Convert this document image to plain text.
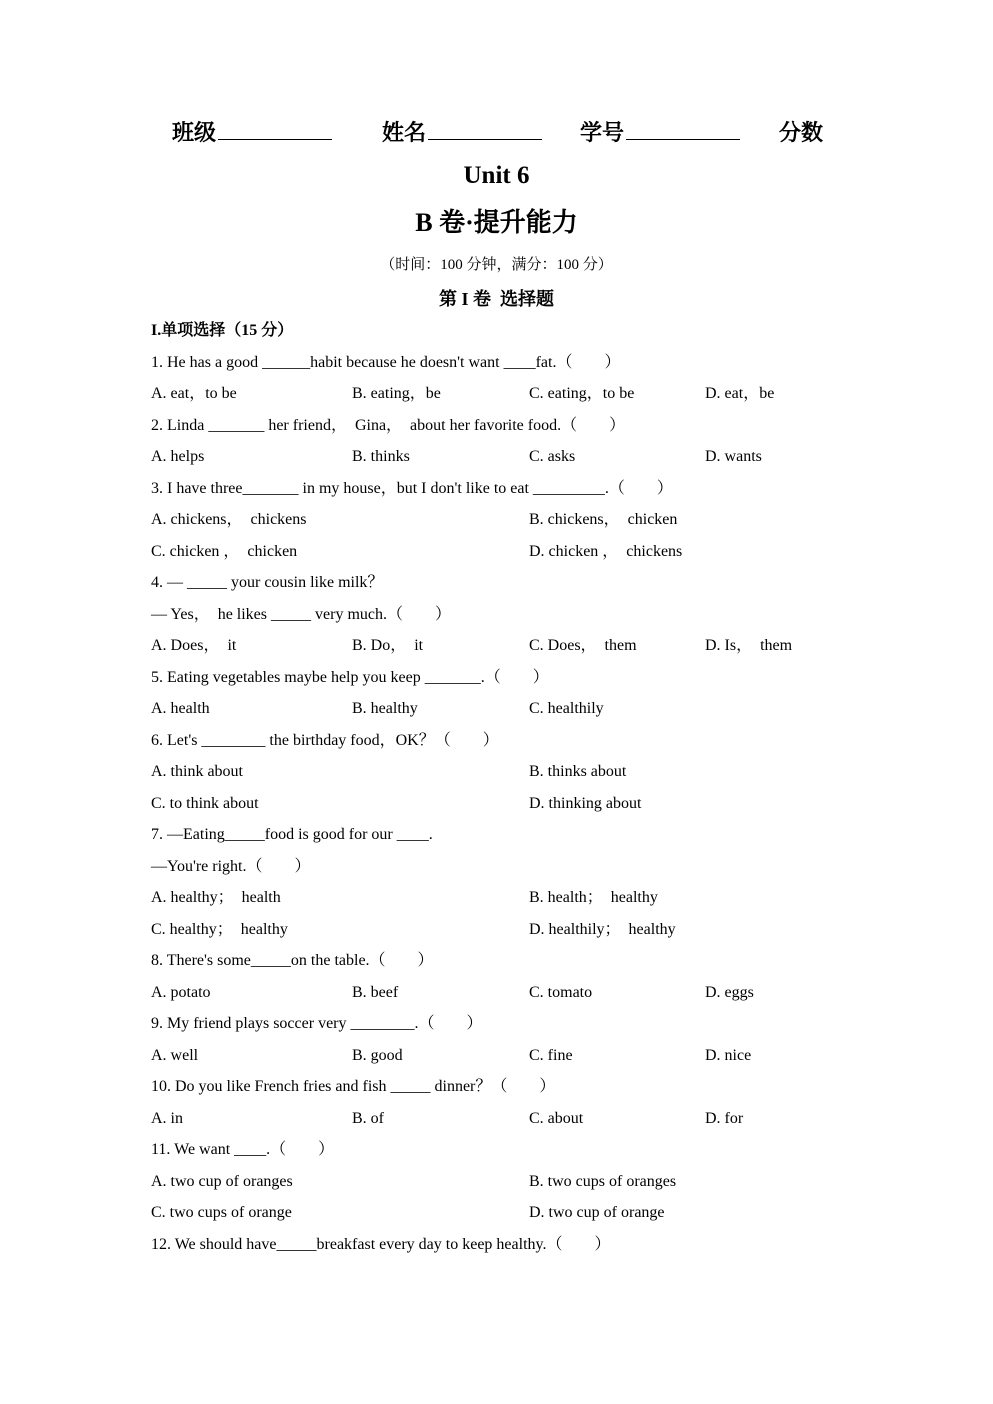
班级	姓名	学号	分数
Unit 6
B 卷·提升能力
（时间：100 分钟，满分：100 分）
第 I 卷  选择题
I.单项选择（15 分）
1. He has a good ______habit because he doesn't want ____fat.（　　）
A. eat，to be	B. eating，be	C. eating，to be	D. eat，be
2. Linda _______ her friend，  Gina，  about her favorite food.（　　）
A. helps	B. thinks	C. asks	D. wants
3. I have three_______ in my house，but I don't like to eat _________.（　　）
A. chickens，  chickens	B. chickens，  chicken
C. chicken ，  chicken	D. chicken ，  chickens
4. — _____ your cousin like milk？
— Yes，  he likes _____ very much.（　　）
A. Does，  it	B. Do，  it	C. Does，  them	D. Is，  them
5. Eating vegetables maybe help you keep _______.（　　）
A. health	B. healthy	C. healthily
6. Let's ________ the birthday food，OK？（　　）
A. think about	B. thinks about
C. to think about	D. thinking about
7. —Eating_____food is good for our ____.
—You're right.（　　）
A. healthy；  health	B. health；  healthy
C. healthy；  healthy	D. healthily；  healthy
8. There's some_____on the table.（　　）
A. potato	B. beef	C. tomato	D. eggs
9. My friend plays soccer very ________.（　　）
A. well	B. good	C. fine	D. nice
10. Do you like French fries and fish _____ dinner？（　　）
A. in	B. of	C. about	D. for
11. We want ____.（　　）
A. two cup of oranges	B. two cups of oranges
C. two cups of orange	D. two cup of orange
12. We should have_____breakfast every day to keep healthy.（　　）
